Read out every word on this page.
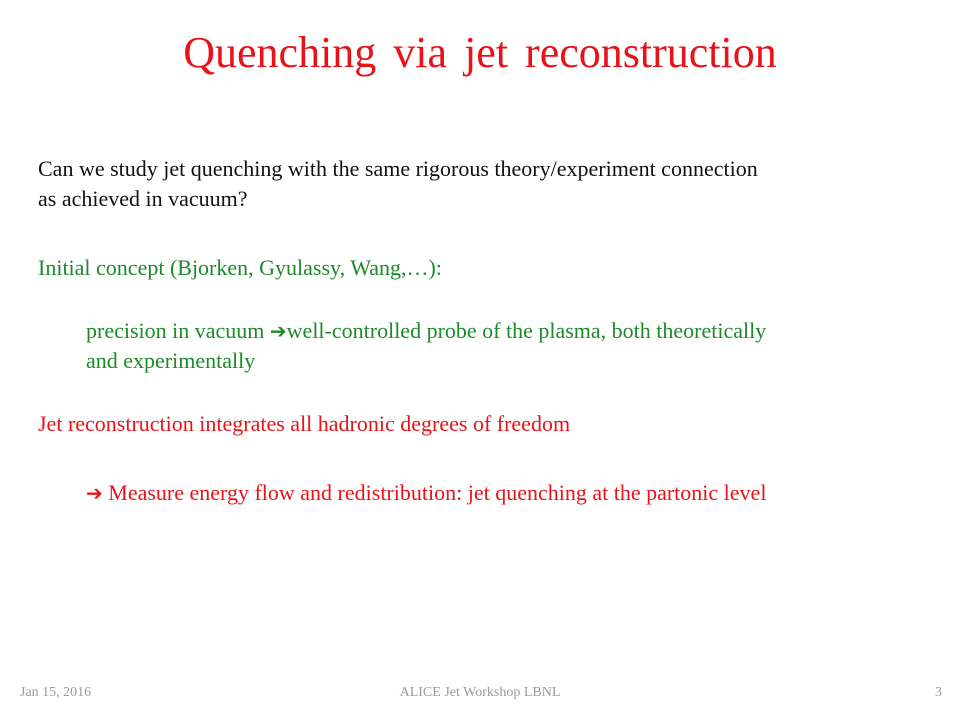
Quenching via jet reconstruction
Can we study jet quenching with the same rigorous theory/experiment connection
as achieved in vacuum?
Initial concept (Bjorken, Gyulassy, Wang,…):
precision in vacuum ➔well-controlled probe of the plasma, both theoretically
and experimentally
Jet reconstruction integrates all hadronic degrees of freedom
➔ Measure energy flow and redistribution: jet quenching at the partonic level
Jan 15, 2016	ALICE Jet Workshop LBNL	3
